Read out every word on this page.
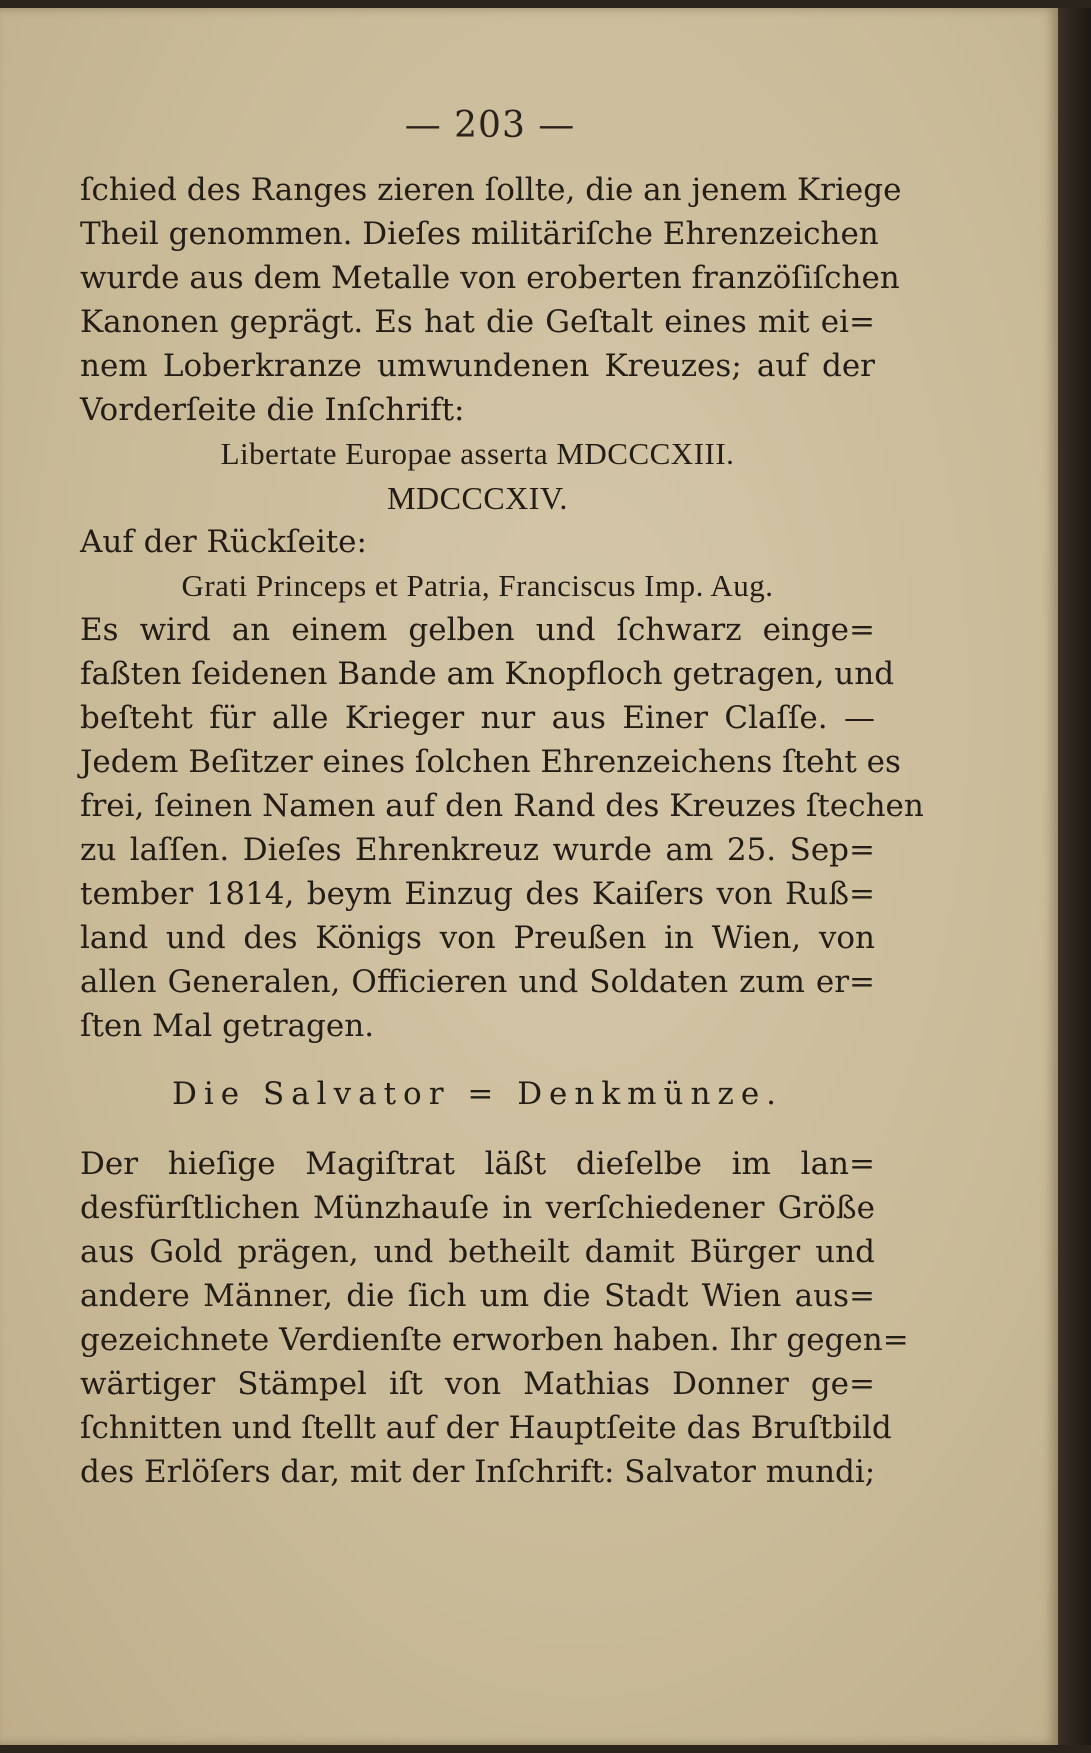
— 203 —
ſchied des Ranges zieren ſollte, die an jenem Kriege
Theil genommen. Dieſes militäriſche Ehrenzeichen
wurde aus dem Metalle von eroberten franzöſiſchen
Kanonen geprägt. Es hat die Geſtalt eines mit ei=
nem Loberkranze umwundenen Kreuzes; auf der
Vorderſeite die Inſchrift:
Libertate Europae asserta MDCCCXIII.
MDCCCXIV.
Auf der Rückſeite:
Grati Princeps et Patria, Franciscus Imp. Aug.
Es wird an einem gelben und ſchwarz einge=
faßten ſeidenen Bande am Knopfloch getragen, und
beſteht für alle Krieger nur aus Einer Claſſe. —
Jedem Beſitzer eines ſolchen Ehrenzeichens ſteht es
frei, ſeinen Namen auf den Rand des Kreuzes ſtechen
zu laſſen. Dieſes Ehrenkreuz wurde am 25. Sep=
tember 1814, beym Einzug des Kaiſers von Ruß=
land und des Königs von Preußen in Wien, von
allen Generalen, Officieren und Soldaten zum er=
ſten Mal getragen.
Die Salvator = Denkmünze.
Der hieſige Magiſtrat läßt dieſelbe im lan=
desfürſtlichen Münzhauſe in verſchiedener Größe
aus Gold prägen, und betheilt damit Bürger und
andere Männer, die ſich um die Stadt Wien aus=
gezeichnete Verdienſte erworben haben. Ihr gegen=
wärtiger Stämpel iſt von Mathias Donner ge=
ſchnitten und ſtellt auf der Hauptſeite das Bruſtbild
des Erlöſers dar, mit der Inſchrift: Salvator mundi;
